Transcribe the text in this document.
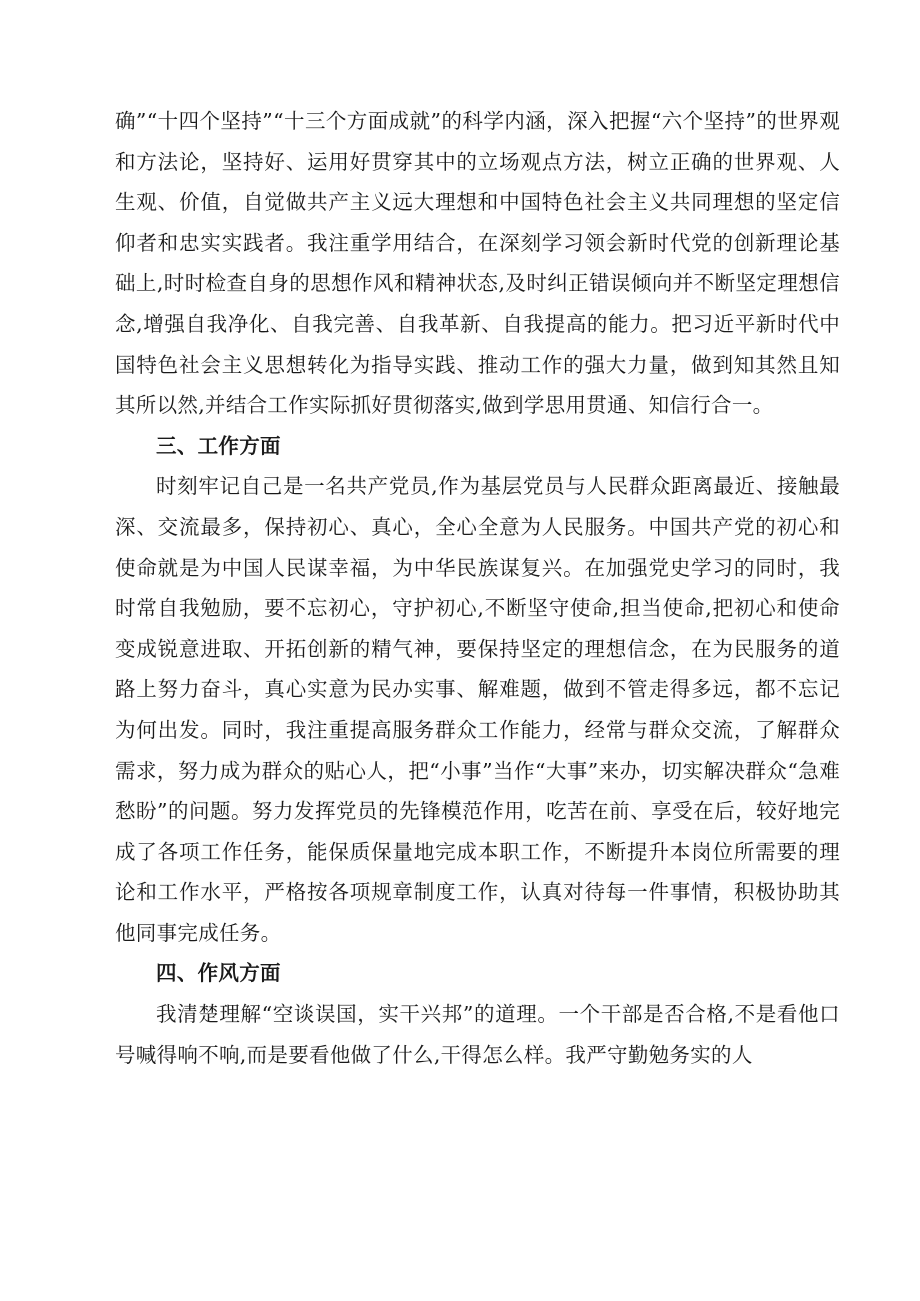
确”“十四个坚持”“十三个方面成就”的科学内涵，深入把握“六个坚持”的世界观和方法论，坚持好、运用好贯穿其中的立场观点方法，树立正确的世界观、人生观、价值，自觉做共产主义远大理想和中国特色社会主义共同理想的坚定信仰者和忠实实践者。我注重学用结合，在深刻学习领会新时代党的创新理论基础上,时时检查自身的思想作风和精神状态,及时纠正错误倾向并不断坚定理想信念,增强自我净化、自我完善、自我革新、自我提高的能力。把习近平新时代中国特色社会主义思想转化为指导实践、推动工作的强大力量，做到知其然且知其所以然,并结合工作实际抓好贯彻落实,做到学思用贯通、知信行合一。

三、工作方面

时刻牢记自己是一名共产党员,作为基层党员与人民群众距离最近、接触最深、交流最多，保持初心、真心，全心全意为人民服务。中国共产党的初心和使命就是为中国人民谋幸福，为中华民族谋复兴。在加强党史学习的同时，我时常自我勉励，要不忘初心，守护初心,不断坚守使命,担当使命,把初心和使命变成锐意进取、开拓创新的精气神，要保持坚定的理想信念，在为民服务的道路上努力奋斗，真心实意为民办实事、解难题，做到不管走得多远，都不忘记为何出发。同时，我注重提高服务群众工作能力，经常与群众交流，了解群众需求，努力成为群众的贴心人，把“小事”当作“大事”来办，切实解决群众“急难愁盼”的问题。努力发挥党员的先锋模范作用，吃苦在前、享受在后，较好地完成了各项工作任务，能保质保量地完成本职工作，不断提升本岗位所需要的理论和工作水平，严格按各项规章制度工作，认真对待每一件事情，积极协助其他同事完成任务。

四、作风方面

我清楚理解“空谈误国，实干兴邦”的道理。一个干部是否合格,不是看他口号喊得响不响,而是要看他做了什么,干得怎么样。我严守勤勉务实的人
